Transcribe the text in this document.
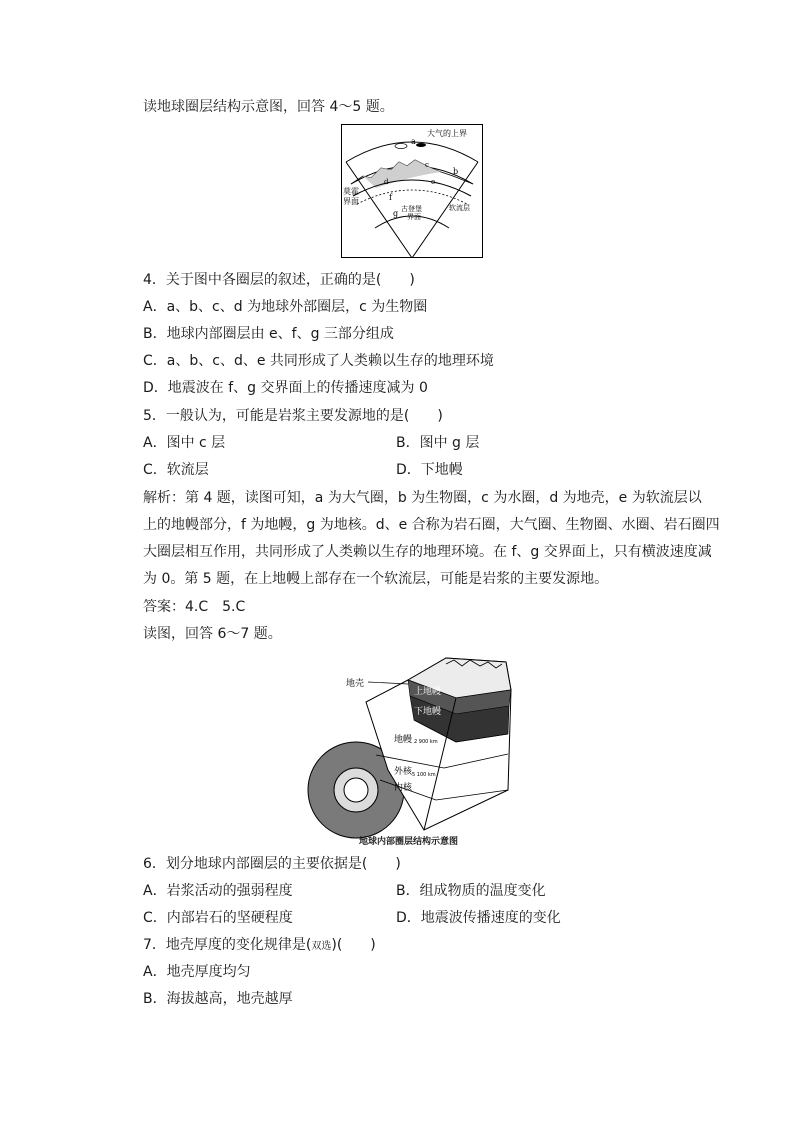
读地球圈层结构示意图，回答 4～5 题。
大气的上界
a
b
c
d	e
f
g
莫霍
界面
古登堡
界面
软流层
4．关于图中各圈层的叙述，正确的是(　　)
A．a、b、c、d 为地球外部圈层，c 为生物圈
B．地球内部圈层由 e、f、g 三部分组成
C．a、b、c、d、e 共同形成了人类赖以生存的地理环境
D．地震波在 f、g 交界面上的传播速度减为 0
5．一般认为，可能是岩浆主要发源地的是(　　)
A．图中 c 层	B．图中 g 层
C．软流层	D．下地幔
解析：第 4 题，读图可知，a 为大气圈，b 为生物圈，c 为水圈，d 为地壳，e 为软流层以
上的地幔部分，f 为地幔，g 为地核。d、e 合称为岩石圈，大气圈、生物圈、水圈、岩石圈四
大圈层相互作用，共同形成了人类赖以生存的地理环境。在 f、g 交界面上，只有横波速度减
为 0。第 5 题，在上地幔上部存在一个软流层，可能是岩浆的主要发源地。
答案：4.C　5.C
读图，回答 6～7 题。
地壳
上地幔
下地幔
地幔 2 900 km
外核 5 100 km
内核
地球内部圈层结构示意图
6．划分地球内部圈层的主要依据是(　　)
A．岩浆活动的强弱程度	B．组成物质的温度变化
C．内部岩石的坚硬程度	D．地震波传播速度的变化
7．地壳厚度的变化规律是(双选)(　　)
A．地壳厚度均匀
B．海拔越高，地壳越厚
